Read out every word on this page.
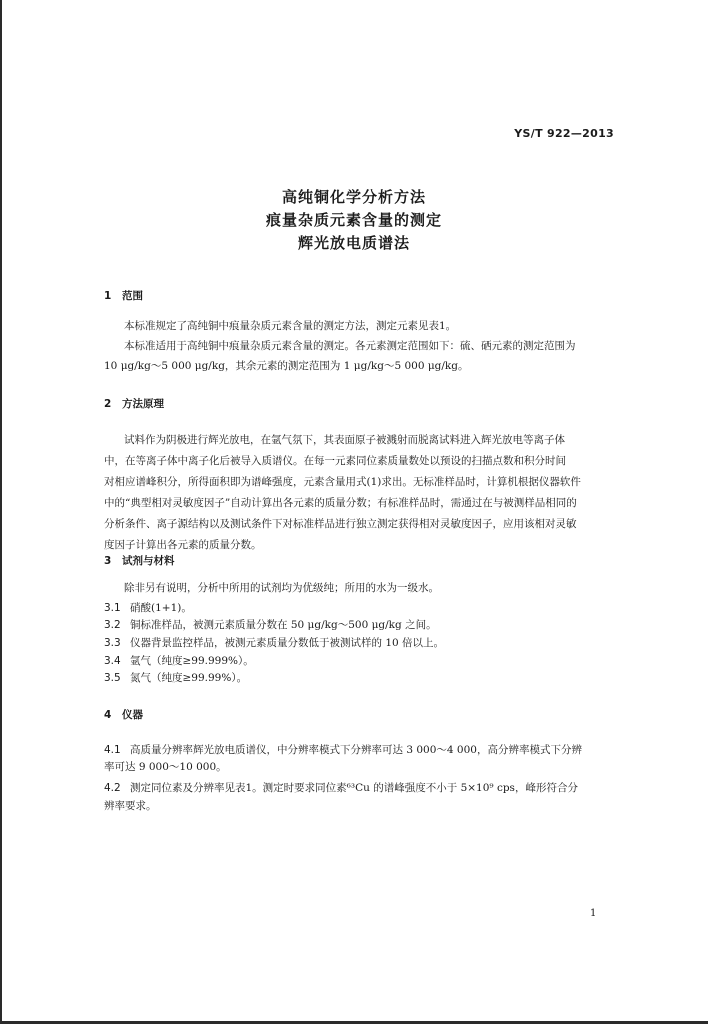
YS/T 922—2013
高纯铜化学分析方法
痕量杂质元素含量的测定
辉光放电质谱法
1 范围
本标准规定了高纯铜中痕量杂质元素含量的测定方法，测定元素见表1。
本标准适用于高纯铜中痕量杂质元素含量的测定。各元素测定范围如下：硫、硒元素的测定范围为
10 μg/kg～5 000 μg/kg，其余元素的测定范围为 1 μg/kg～5 000 μg/kg。
2 方法原理
试料作为阴极进行辉光放电，在氩气氛下，其表面原子被溅射而脱离试料进入辉光放电等离子体
中，在等离子体中离子化后被导入质谱仪。在每一元素同位素质量数处以预设的扫描点数和积分时间
对相应谱峰积分，所得面积即为谱峰强度，元素含量用式(1)求出。无标准样品时，计算机根据仪器软件
中的“典型相对灵敏度因子”自动计算出各元素的质量分数；有标准样品时，需通过在与被测样品相同的
分析条件、离子源结构以及测试条件下对标准样品进行独立测定获得相对灵敏度因子，应用该相对灵敏
度因子计算出各元素的质量分数。
3 试剂与材料
除非另有说明，分析中所用的试剂均为优级纯；所用的水为一级水。
3.1 硝酸(1+1)。
3.2 铜标准样品，被测元素质量分数在 50 μg/kg～500 μg/kg 之间。
3.3 仪器背景监控样品，被测元素质量分数低于被测试样的 10 倍以上。
3.4 氩气（纯度≥99.999%）。
3.5 氮气（纯度≥99.99%）。
4 仪器
4.1 高质量分辨率辉光放电质谱仪，中分辨率模式下分辨率可达 3 000～4 000，高分辨率模式下分辨
率可达 9 000～10 000。
4.2 测定同位素及分辨率见表1。测定时要求同位素⁶³Cu 的谱峰强度不小于 5×10⁹ cps，峰形符合分
辨率要求。
1
